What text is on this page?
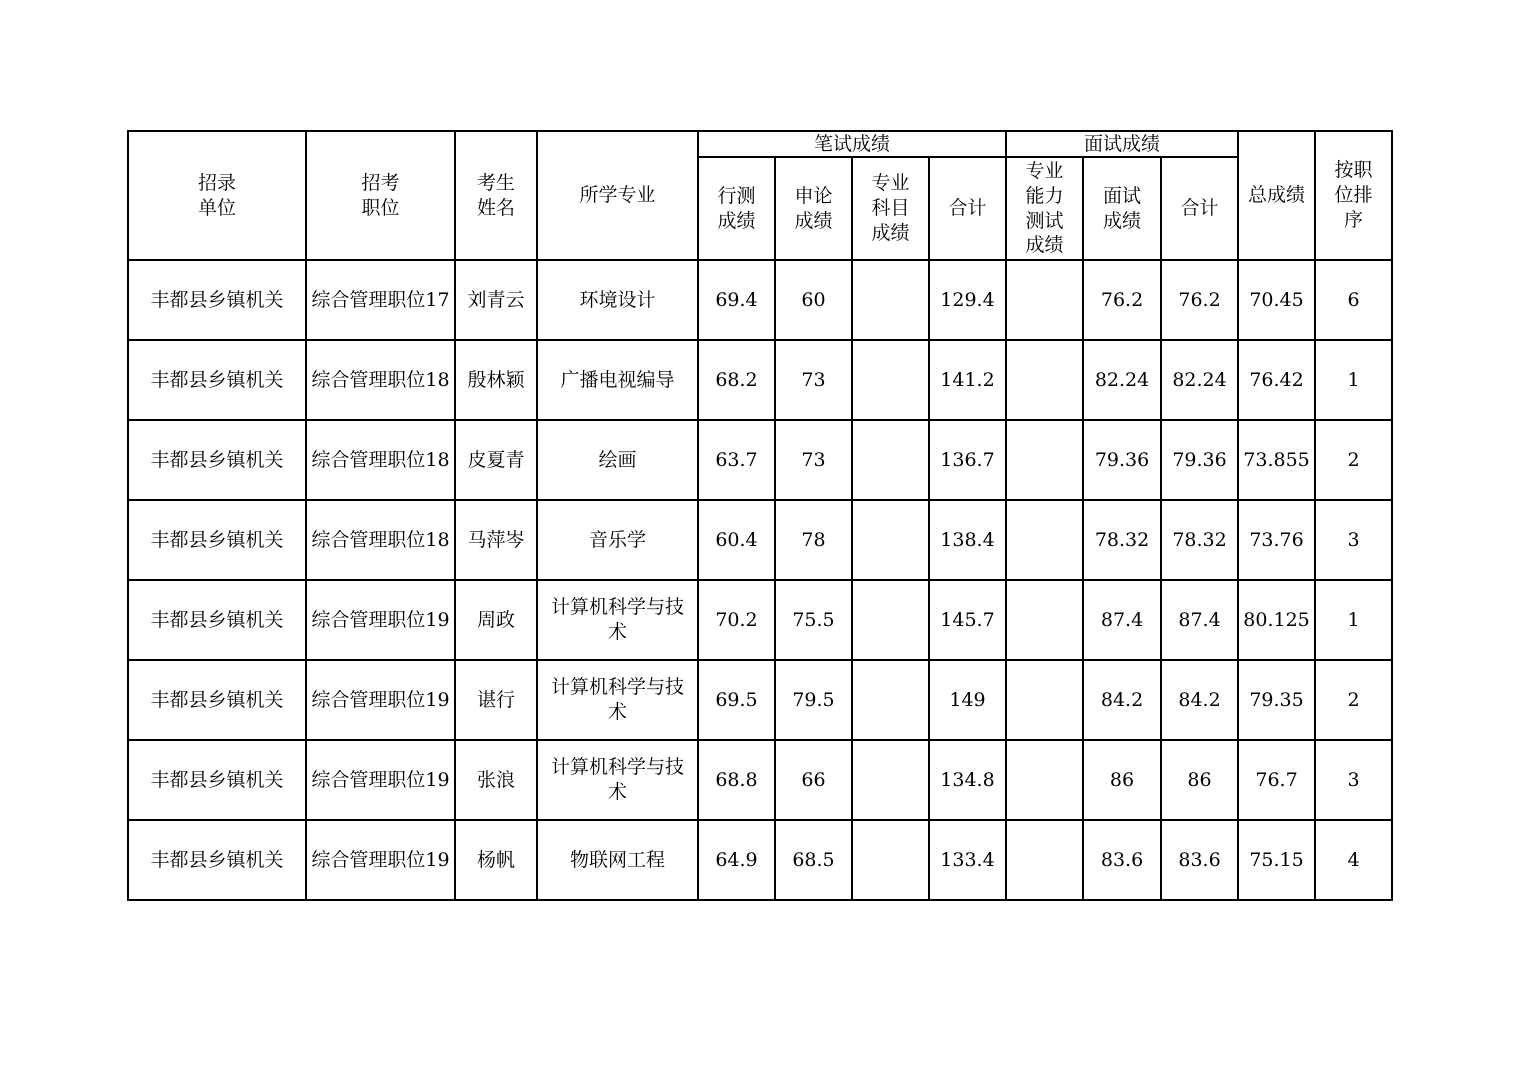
招录单位	招考职位	考生姓名	所学专业	笔试成绩				面试成绩			总成绩	按职位排序

				行测成绩	申论成绩	专业科目成绩	合计	专业能力测试成绩	面试成绩	合计		
丰都县乡镇机关	综合管理职位17	刘青云	环境设计	69.4	60		129.4		76.2	76.2	70.45	6
丰都县乡镇机关	综合管理职位18	殷林颖	广播电视编导	68.2	73		141.2		82.24	82.24	76.42	1
丰都县乡镇机关	综合管理职位18	皮夏青	绘画	63.7	73		136.7		79.36	79.36	73.855	2
丰都县乡镇机关	综合管理职位18	马萍岑	音乐学	60.4	78		138.4		78.32	78.32	73.76	3
丰都县乡镇机关	综合管理职位19	周政	计算机科学与技术	70.2	75.5		145.7		87.4	87.4	80.125	1
丰都县乡镇机关	综合管理职位19	谌行	计算机科学与技术	69.5	79.5		149		84.2	84.2	79.35	2
丰都县乡镇机关	综合管理职位19	张浪	计算机科学与技术	68.8	66		134.8		86	86	76.7	3
丰都县乡镇机关	综合管理职位19	杨帆	物联网工程	64.9	68.5		133.4		83.6	83.6	75.15	4
